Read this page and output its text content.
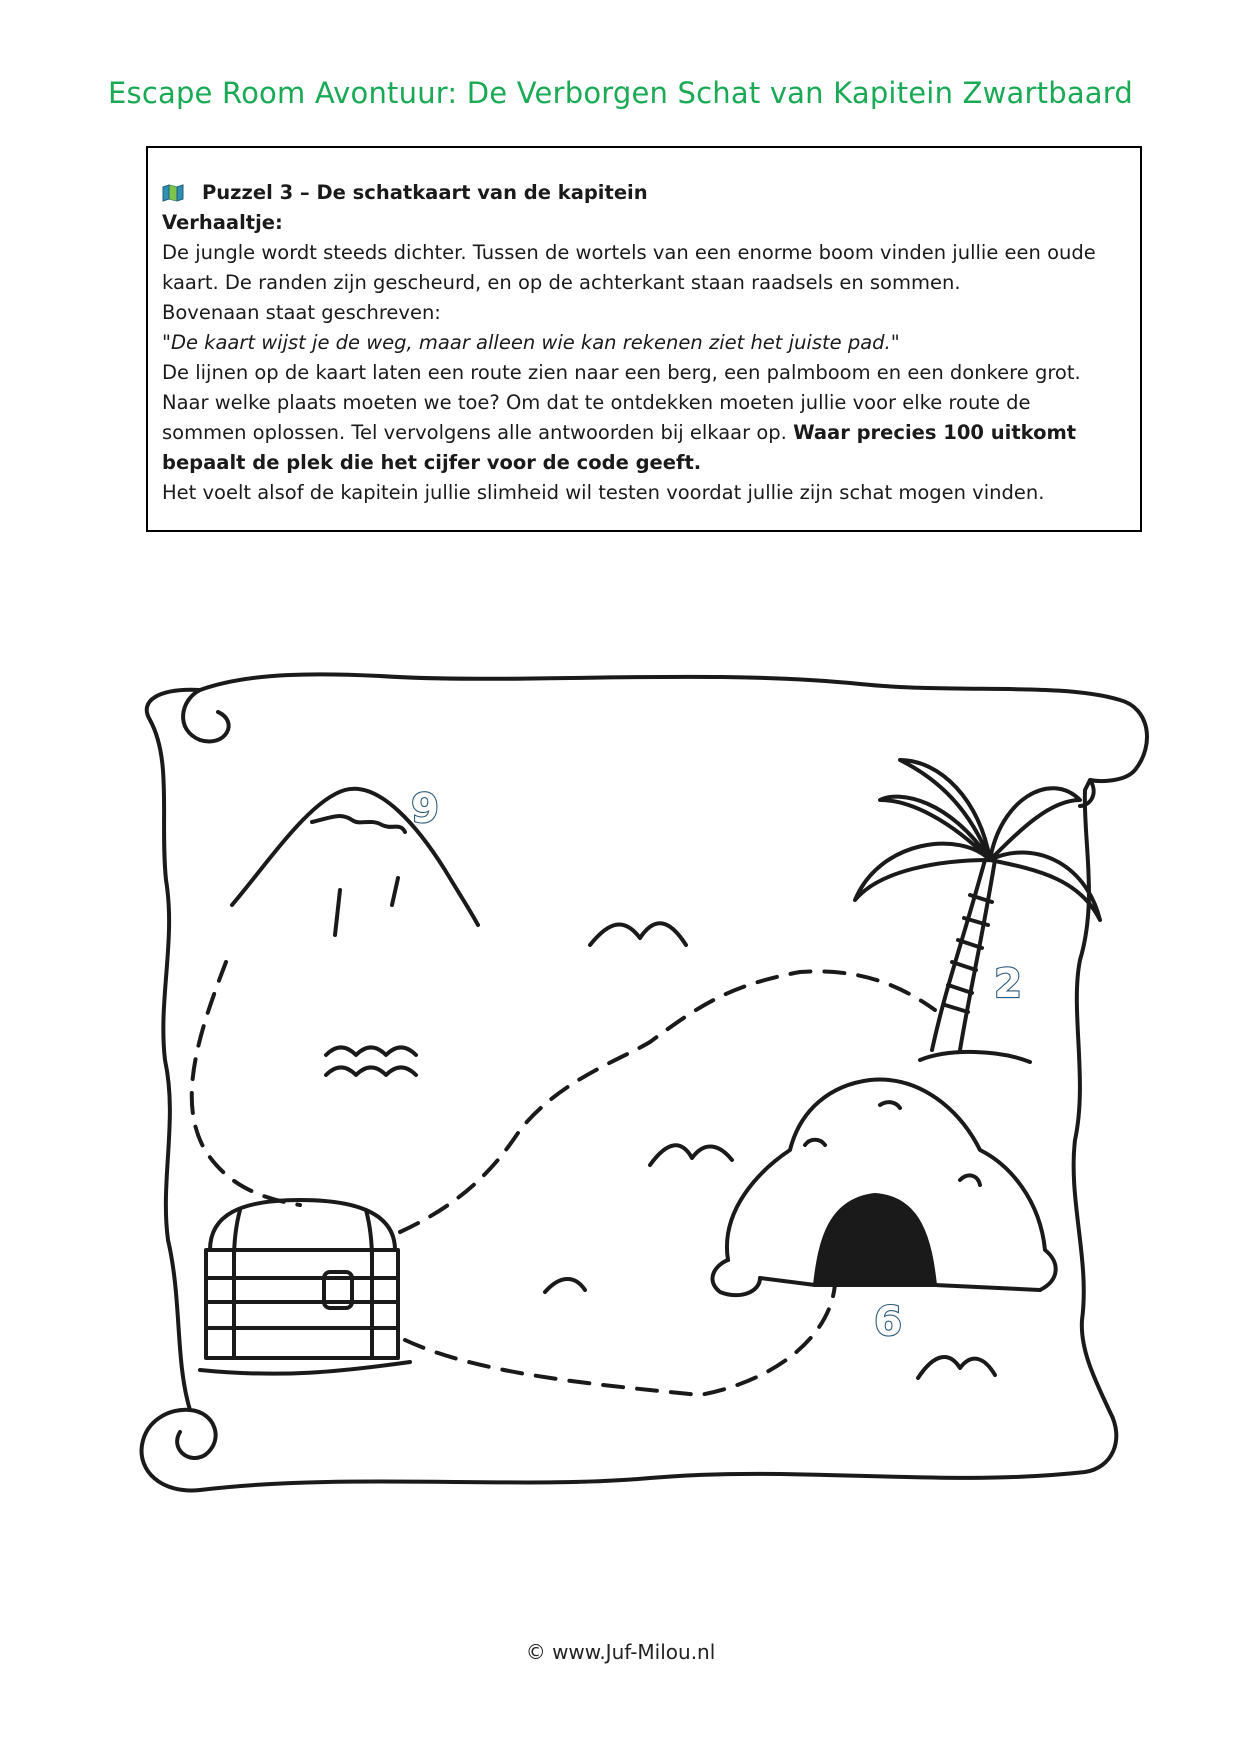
Escape Room Avontuur: De Verborgen Schat van Kapitein Zwartbaard

Puzzel 3 – De schatkaart van de kapitein

Verhaaltje:

De jungle wordt steeds dichter. Tussen de wortels van een enorme boom vinden jullie een oude

kaart. De randen zijn gescheurd, en op de achterkant staan raadsels en sommen.

Bovenaan staat geschreven:

"De kaart wijst je de weg, maar alleen wie kan rekenen ziet het juiste pad."

De lijnen op de kaart laten een route zien naar een berg, een palmboom en een donkere grot.

Naar welke plaats moeten we toe? Om dat te ontdekken moeten jullie voor elke route de

sommen oplossen. Tel vervolgens alle antwoorden bij elkaar op. Waar precies 100 uitkomt

bepaalt de plek die het cijfer voor de code geeft.

Het voelt alsof de kapitein jullie slimheid wil testen voordat jullie zijn schat mogen vinden.

9
2
6
© www.Juf-Milou.nl
